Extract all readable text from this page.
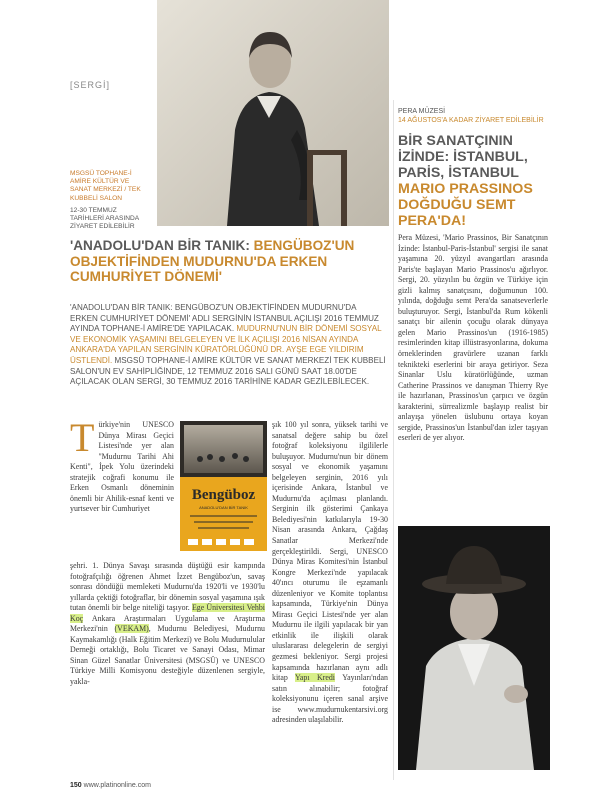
[SERGİ]
MSGSÜ TOPHANE-İ AMİRE KÜLTÜR VE SANAT MERKEZİ / TEK KUBBELİ SALON
12-30 TEMMUZ TARİHLERİ ARASINDA ZİYARET EDİLEBİLİR
'ANADOLU'DAN BİR TANIK: BENGÜBOZ'UN OBJEKTİFİNDEN MUDURNU'DA ERKEN CUMHURİYET DÖNEMİ'
'ANADOLU'DAN BİR TANIK: BENGÜBOZ'UN OBJEKTİFİNDEN MUDURNU'DA ERKEN CUMHURİYET DÖNEMİ' ADLI SERGİNİN İSTANBUL AÇILIŞI 2016 TEMMUZ AYINDA TOPHANE-İ AMİRE'DE YAPILACAK. MUDURNU'NUN BİR DÖNEMİ SOSYAL VE EKONOMİK YAŞAMINI BELGELEYEN VE İLK AÇILIŞI 2016 NİSAN AYINDA ANKARA'DA YAPILAN SERGİNİN KÜRATÖRLÜĞÜNÜ DR. AYŞE EGE YILDIRIM ÜSTLENDİ. MSGSÜ TOPHANE-İ AMİRE KÜLTÜR VE SANAT MERKEZİ TEK KUBBELİ SALON'UN EV SAHİPLİĞİNDE, 12 TEMMUZ 2016 SALI GÜNÜ SAAT 18.00'DE AÇILACAK OLAN SERGİ, 30 TEMMUZ 2016 TARİHİNE KADAR GEZİLEBİLECEK.
Türkiye'nin UNESCO Dünya Mirası Geçici Listesi'nde yer alan "Mudurnu Tarihi Ahi Kenti", İpek Yolu üzerindeki stratejik coğrafi konumu ile Erken Osmanlı döneminin önemli bir Ahilik-esnaf kenti ve yurtsever bir Cumhuriyet
Bengüboz
ANADOLU'DAN BİR TANIK
şehri. 1. Dünya Savaşı sırasında düştüğü esir kampında fotoğrafçılığı öğrenen Ahmet İzzet Bengüboz'un, savaş sonrası döndüğü memleketi Mudurnu'da 1920'li ve 1930'lu yıllarda çektiği fotoğraflar, bir dönemin sosyal yaşamına ışık tutan önemli bir belge niteliği taşıyor. Ege Üniversitesi Vehbi Koç Ankara Araştırmaları Uygulama ve Araştırma Merkezi'nin (VEKAM), Mudurnu Belediyesi, Mudurnu Kaymakamlığı (Halk Eğitim Merkezi) ve Bolu Mudurnulular Derneği ortaklığı, Bolu Ticaret ve Sanayi Odası, Mimar Sinan Güzel Sanatlar Üniversitesi (MSGSÜ) ve UNESCO Türkiye Milli Komisyonu desteğiyle düzenlenen sergiyle, yakla-
şık 100 yıl sonra, yüksek tarihi ve sanatsal değere sahip bu özel fotoğraf koleksiyonu ilgililerle buluşuyor. Mudurnu'nun bir dönem sosyal ve ekonomik yaşamını belgeleyen serginin, 2016 yılı içerisinde Ankara, İstanbul ve Mudurnu'da açılması planlandı. Serginin ilk gösterimi Çankaya Belediyesi'nin katkılarıyla 19-30 Nisan arasında Ankara, Çağdaş Sanatlar Merkezi'nde gerçekleştirildi. Sergi, UNESCO Dünya Miras Komitesi'nin İstanbul Kongre Merkezi'nde yapılacak 40'ıncı oturumu ile eşzamanlı düzenleniyor ve Komite toplantısı kapsamında, Türkiye'nin Dünya Mirası Geçici Listesi'nde yer alan Mudurnu ile ilgili yapılacak bir yan etkinlik ile ilişkili olarak uluslararası delegelerin de sergiyi gezmesi bekleniyor. Sergi projesi kapsamında hazırlanan aynı adlı kitap Yapı Kredi Yayınları'ndan satın alınabilir; fotoğraf koleksiyonunu içeren sanal arşive ise www.mudurnukentarsivi.org adresinden ulaşılabilir.
PERA MÜZESİ
14 AĞUSTOS'A KADAR ZİYARET EDİLEBİLİR
BİR SANATÇININ İZİNDE: İSTANBUL, PARİS, İSTANBUL MARIO PRASSINOS DOĞDUĞU SEMT PERA'DA!
Pera Müzesi, 'Mario Prassinos, Bir Sanatçının İzinde: İstanbul-Paris-İstanbul' sergisi ile sanat yaşamına 20. yüzyıl avangartları arasında Paris'te başlayan Mario Prassinos'u ağırlıyor. Sergi, 20. yüzyılın bu özgün ve Türkiye için gizli kalmış sanatçısını, doğumunun 100. yılında, doğduğu semt Pera'da sanatseverlerle buluşturuyor. Sergi, İstanbul'da Rum kökenli sanatçı bir ailenin çocuğu olarak dünyaya gelen Mario Prassinos'un (1916-1985) resimlerinden kitap illüstrasyonlarına, dokuma örneklerinden gravürlere uzanan farklı teknikteki eserlerini bir araya getiriyor. Seza Sinanlar Uslu küratörlüğünde, uzman Catherine Prassinos ve danışman Thierry Rye ile hazırlanan, Prassinos'un çarpıcı ve özgün karakterini, sürrealizmle başlayıp realist bir anlayışa yönelen üslubunu ortaya koyan sergide, Prassinos'un İstanbul'dan izler taşıyan eserleri de yer alıyor.
150 www.platinonline.com
